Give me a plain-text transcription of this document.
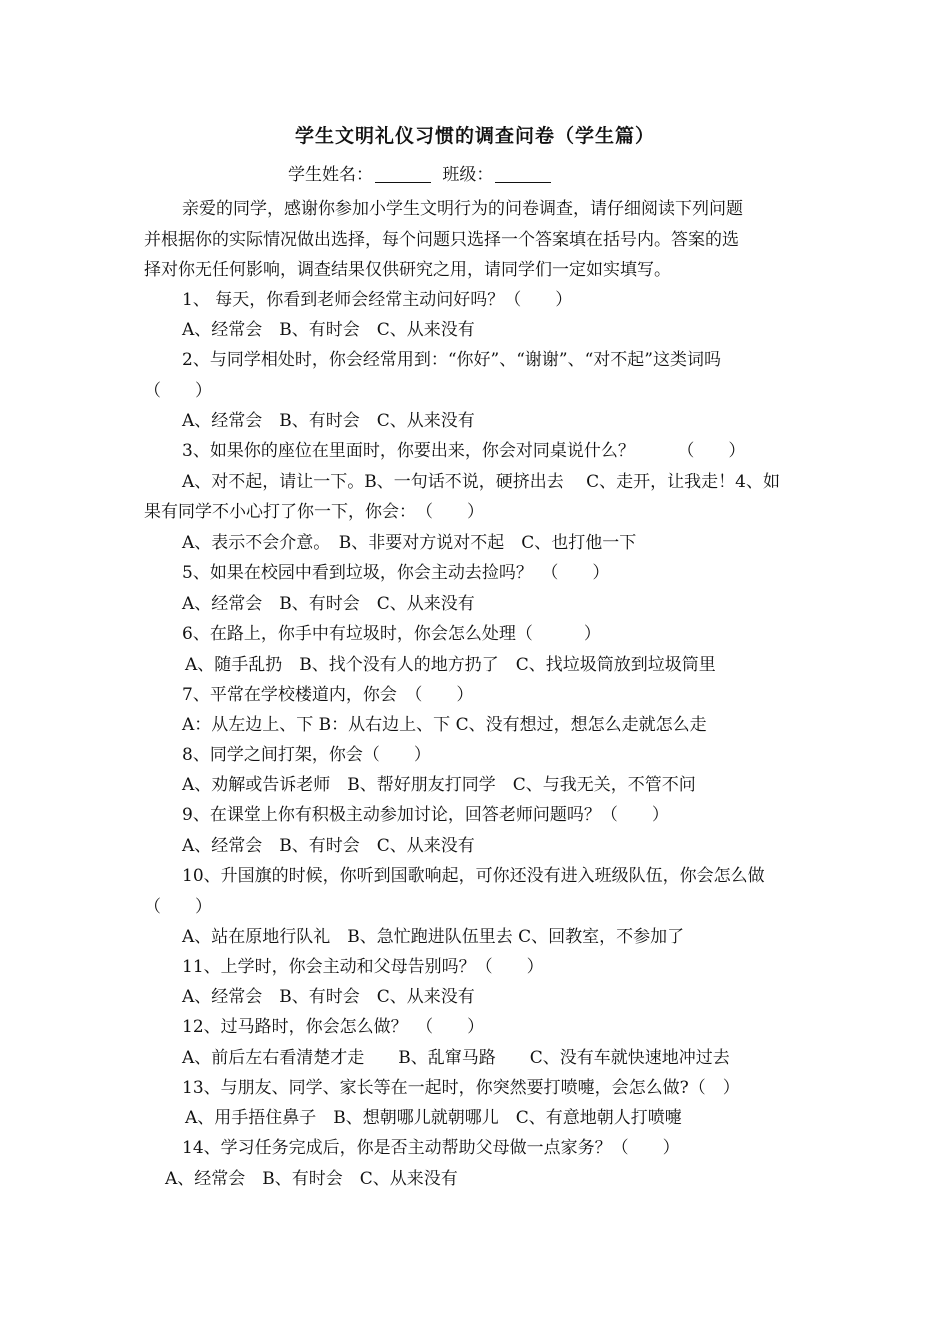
学生文明礼仪习惯的调查问卷（学生篇）
学生姓名：	班级：
亲爱的同学，感谢你参加小学生文明行为的问卷调查，请仔细阅读下列问题
并根据你的实际情况做出选择，每个问题只选择一个答案填在括号内。答案的选
择对你无任何影响，调查结果仅供研究之用，请同学们一定如实填写。
1、 每天，你看到老师会经常主动问好吗？（　　）
A、经常会　B、有时会　C、从来没有
2、与同学相处时，你会经常用到：“你好”、“谢谢”、“对不起”这类词吗
（　　）
A、经常会　B、有时会　C、从来没有
3、如果你的座位在里面时，你要出来，你会对同桌说什么？　　　（　　）
A、对不起，请让一下。B、一句话不说，硬挤出去　 C、走开，让我走！4、如
果有同学不小心打了你一下，你会：　（　　）
A、表示不会介意。　B、非要对方说对不起　C、也打他一下
5、如果在校园中看到垃圾，你会主动去捡吗？　（　　）
A、经常会　B、有时会　C、从来没有
6、在路上，你手中有垃圾时，你会怎么处理（　　　）
A、随手乱扔　B、找个没有人的地方扔了　C、找垃圾筒放到垃圾筒里
7、平常在学校楼道内，你会　（　　）
A：从左边上、下 B：从右边上、下 C、没有想过，想怎么走就怎么走
8、同学之间打架，你会（　　）
A、劝解或告诉老师　B、帮好朋友打同学　C、与我无关，不管不问
9、在课堂上你有积极主动参加讨论，回答老师问题吗？（　　）
A、经常会　B、有时会　C、从来没有
10、升国旗的时候，你听到国歌响起，可你还没有进入班级队伍，你会怎么做
（　　）
A、站在原地行队礼　B、急忙跑进队伍里去 C、回教室，不参加了
11、上学时，你会主动和父母告别吗？（　　）
A、经常会　B、有时会　C、从来没有
12、过马路时，你会怎么做？　（　　）
A、前后左右看清楚才走　　B、乱窜马路　　C、没有车就快速地冲过去
13、与朋友、同学、家长等在一起时，你突然要打喷嚏，会怎么做?（　）
A、用手捂住鼻子　B、想朝哪儿就朝哪儿　C、有意地朝人打喷嚏
14、学习任务完成后，你是否主动帮助父母做一点家务？（　　）
A、经常会　B、有时会　C、从来没有
